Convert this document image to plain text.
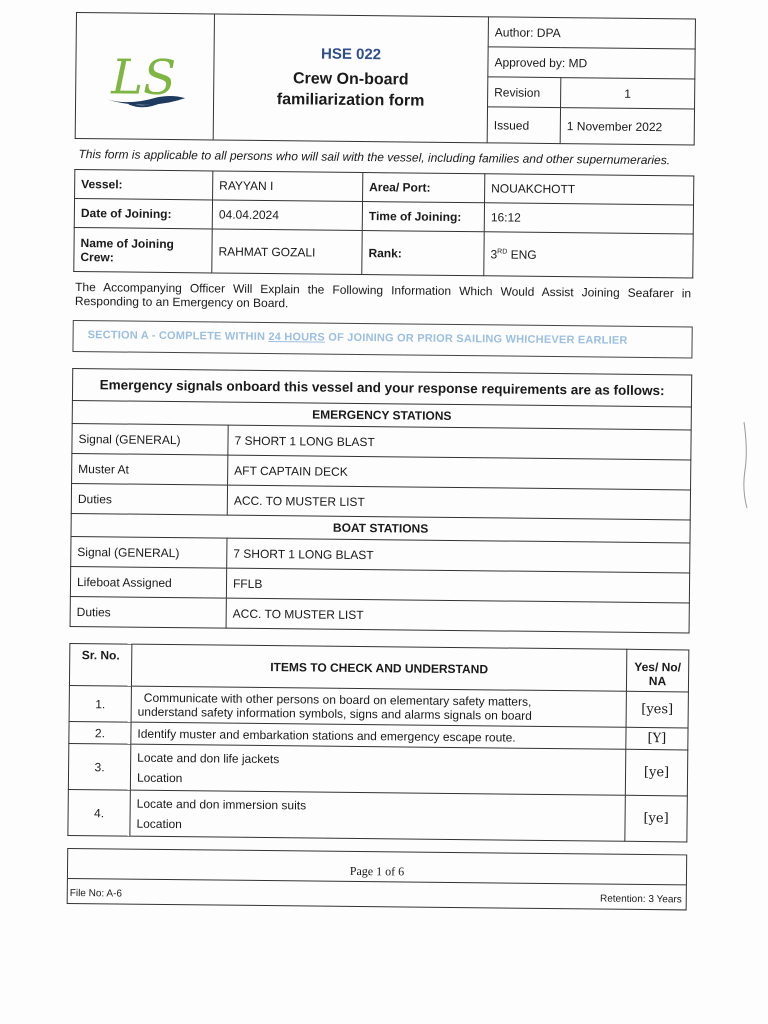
LS	HSE 022
Crew On-board
familiarization form	Author: DPA	
		Approved by: MD	
		Revision	1
		Issued	1 November 2022

This form is applicable to all persons who will sail with the vessel, including families and other supernumeraries.

Vessel:	RAYYAN I	Area/ Port:	NOUAKCHOTT
Date of Joining:	04.04.2024	Time of Joining:	16:12
Name of Joining Crew:	RAHMAT GOZALI	Rank:	3RD ENG

The Accompanying Officer Will Explain the Following Information Which Would Assist Joining Seafarer in Responding to an Emergency on Board.

SECTION A - COMPLETE WITHIN 24 HOURS OF JOINING OR PRIOR SAILING WHICHEVER EARLIER
Emergency signals onboard this vessel and your response requirements are as follows:	
EMERGENCY STATIONS	
Signal (GENERAL)	7 SHORT 1 LONG BLAST
Muster At	AFT CAPTAIN DECK
Duties	ACC. TO MUSTER LIST
BOAT STATIONS	
Signal (GENERAL)	7 SHORT 1 LONG BLAST
Lifeboat Assigned	FFLB
Duties	ACC. TO MUSTER LIST
Sr. No.	ITEMS TO CHECK AND UNDERSTAND	Yes/ No/ NA
1.	Communicate with other persons on board on elementary safety matters,
understand safety information symbols, signs and alarms signals on board	[yes]
2.	Identify muster and embarkation stations and emergency escape route.	[Y]
3.	Locate and don life jackets
Location	[ye]
4.	Locate and don immersion suits
Location	[ye]
Page 1 of 6
File No: A-6	Retention: 3 Years
